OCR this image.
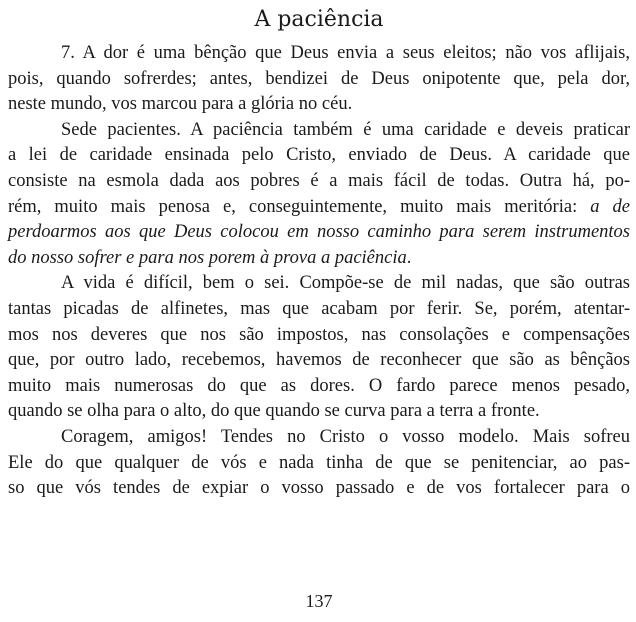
A paciência
7. A dor é uma bênção que Deus envia a seus eleitos; não vos aflijais,
pois, quando sofrerdes; antes, bendizei de Deus onipotente que, pela dor,
neste mundo, vos marcou para a glória no céu.
Sede pacientes. A paciência também é uma caridade e deveis praticar
a lei de caridade ensinada pelo Cristo, enviado de Deus. A caridade que
consiste na esmola dada aos pobres é a mais fácil de todas. Outra há, po-
rém, muito mais penosa e, conseguintemente, muito mais meritória: a de
perdoarmos aos que Deus colocou em nosso caminho para serem instrumentos
do nosso sofrer e para nos porem à prova a paciência.
A vida é difícil, bem o sei. Compõe-se de mil nadas, que são outras
tantas picadas de alfinetes, mas que acabam por ferir. Se, porém, atentar-
mos nos deveres que nos são impostos, nas consolações e compensações
que, por outro lado, recebemos, havemos de reconhecer que são as bênçãos
muito mais numerosas do que as dores. O fardo parece menos pesado,
quando se olha para o alto, do que quando se curva para a terra a fronte.
Coragem, amigos! Tendes no Cristo o vosso modelo. Mais sofreu
Ele do que qualquer de vós e nada tinha de que se penitenciar, ao pas-
so que vós tendes de expiar o vosso passado e de vos fortalecer para o
137
